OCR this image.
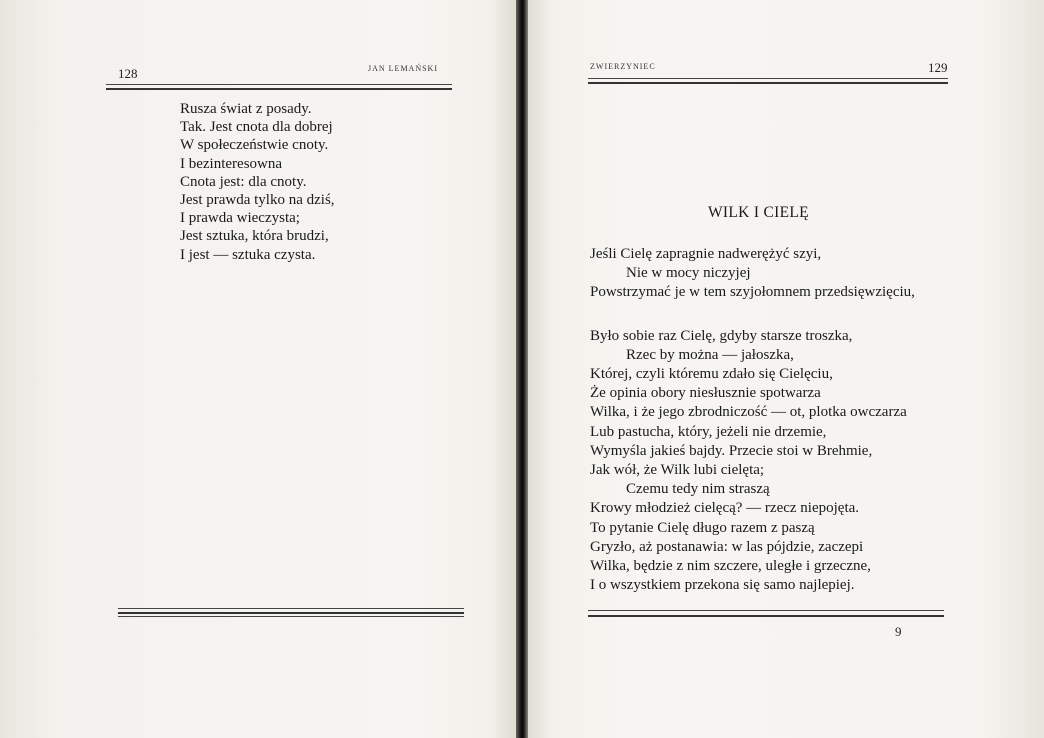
128	JAN LEMAŃSKI
Rusza świat z posady.
Tak. Jest cnota dla dobrej
W społeczeństwie cnoty.
I bezinteresowna
Cnota jest: dla cnoty.
Jest prawda tylko na dziś,
I prawda wieczysta;
Jest sztuka, która brudzi,
I jest — sztuka czysta.
ZWIERZYNIEC	129
WILK I CIELĘ
Jeśli Cielę zapragnie nadwerężyć szyi,
Nie w mocy niczyjej
Powstrzymać je w tem szyjołomnem przedsięwzięciu,
Było sobie raz Cielę, gdyby starsze troszka,
Rzec by można — jałoszka,
Której, czyli któremu zdało się Cielęciu,
Że opinia obory niesłusznie spotwarza
Wilka, i że jego zbrodniczość — ot, plotka owczarza
Lub pastucha, który, jeżeli nie drzemie,
Wymyśla jakieś bajdy. Przecie stoi w Brehmie,
Jak wół, że Wilk lubi cielęta;
Czemu tedy nim straszą
Krowy młodzież cielęcą? — rzecz niepojęta.
To pytanie Cielę długo razem z paszą
Gryzło, aż postanawia: w las pójdzie, zaczepi
Wilka, będzie z nim szczere, uległe i grzeczne,
I o wszystkiem przekona się samo najlepiej.
9
